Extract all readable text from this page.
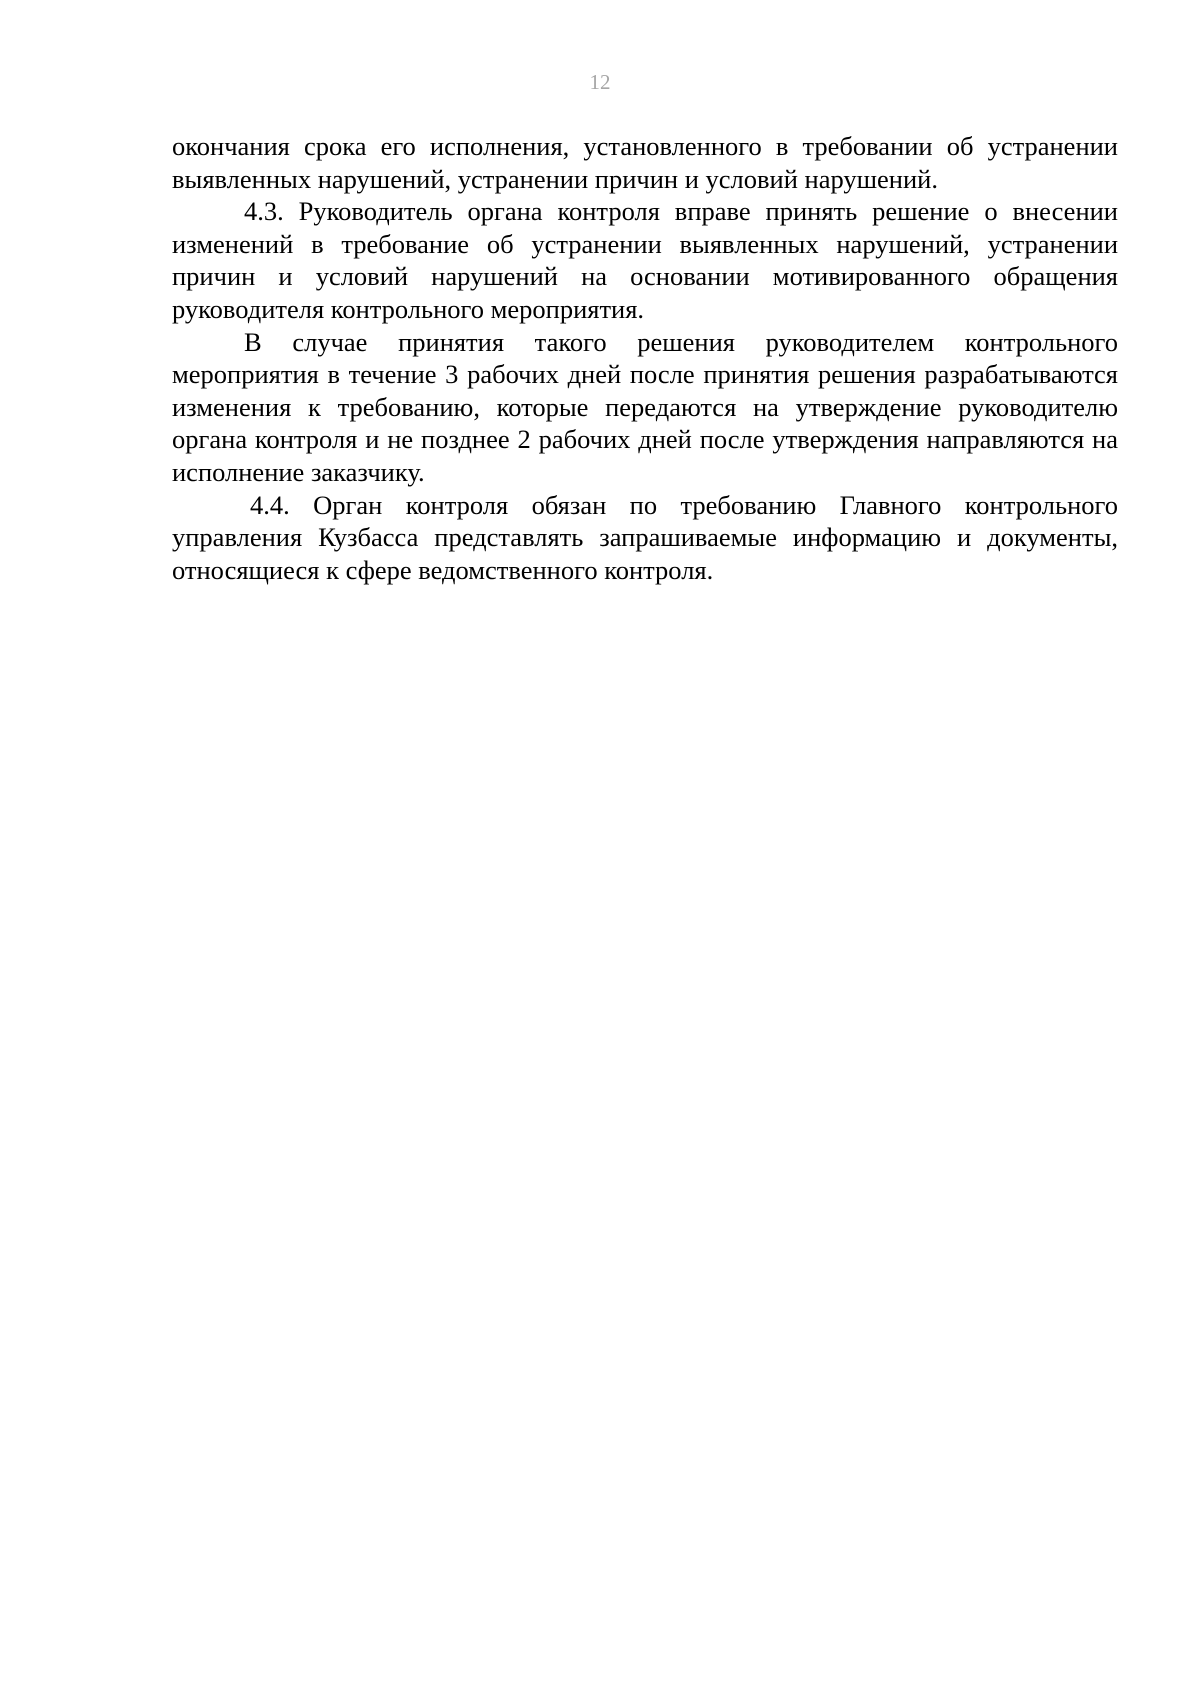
12

окончания срока его исполнения, установленного в требовании об устранении выявленных нарушений, устранении причин и условий нарушений.

4.3. Руководитель органа контроля вправе принять решение о внесении изменений в требование об устранении выявленных нарушений, устранении причин и условий нарушений на основании мотивированного обращения руководителя контрольного мероприятия.

В случае принятия такого решения руководителем контрольного мероприятия в течение 3 рабочих дней после принятия решения разрабатываются изменения к требованию, которые передаются на утверждение руководителю органа контроля и не позднее 2 рабочих дней после утверждения направляются на исполнение заказчику.

4.4. Орган контроля обязан по требованию Главного контрольного управления Кузбасса представлять запрашиваемые информацию и документы, относящиеся к сфере ведомственного контроля.
